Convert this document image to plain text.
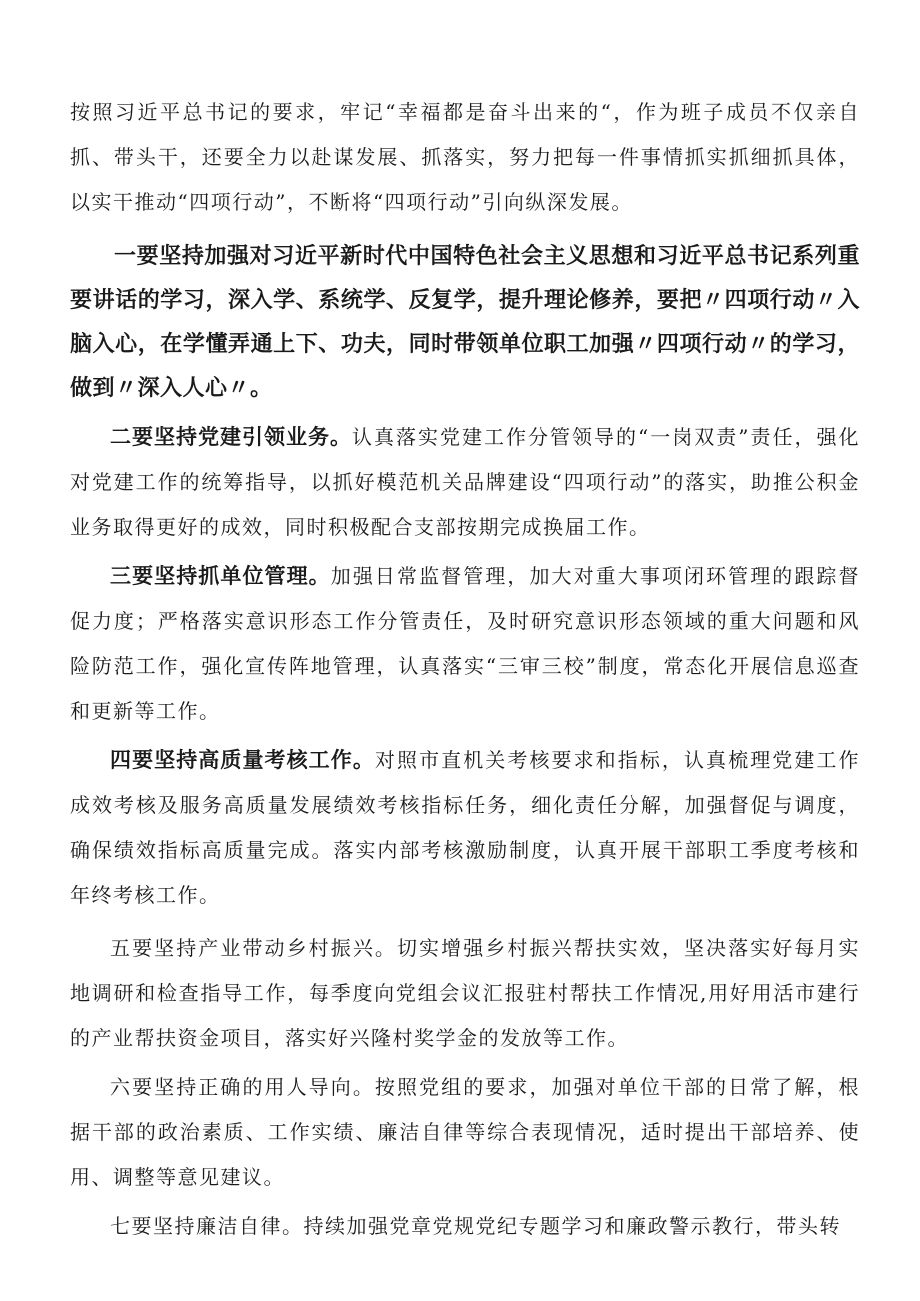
按照习近平总书记的要求，牢记“幸福都是奋斗出来的“，作为班子成员不仅亲自抓、带头干，还要全力以赴谋发展、抓落实，努力把每一件事情抓实抓细抓具体，以实干推动“四项行动”，不断将“四项行动”引向纵深发展。

一要坚持加强对习近平新时代中国特色社会主义思想和习近平总书记系列重要讲话的学习，深入学、系统学、反复学，提升理论修养，要把〃四项行动〃入脑入心，在学懂弄通上下、功夫，同时带领单位职工加强〃四项行动〃的学习，做到〃深入人心〃。

二要坚持党建引领业务。认真落实党建工作分管领导的“一岗双责”责任，强化对党建工作的统筹指导，以抓好模范机关品牌建设“四项行动”的落实，助推公积金业务取得更好的成效，同时积极配合支部按期完成换届工作。

三要坚持抓单位管理。加强日常监督管理，加大对重大事项闭环管理的跟踪督促力度；严格落实意识形态工作分管责任，及时研究意识形态领域的重大问题和风险防范工作，强化宣传阵地管理，认真落实“三审三校”制度，常态化开展信息巡查和更新等工作。

四要坚持高质量考核工作。对照市直机关考核要求和指标，认真梳理党建工作成效考核及服务高质量发展绩效考核指标任务，细化责任分解，加强督促与调度，确保绩效指标高质量完成。落实内部考核激励制度，认真开展干部职工季度考核和年终考核工作。

五要坚持产业带动乡村振兴。切实增强乡村振兴帮扶实效，坚决落实好每月实地调研和检查指导工作，每季度向党组会议汇报驻村帮扶工作情况,用好用活市建行的产业帮扶资金项目，落实好兴隆村奖学金的发放等工作。

六要坚持正确的用人导向。按照党组的要求，加强对单位干部的日常了解，根据干部的政治素质、工作实绩、廉洁自律等综合表现情况，适时提出干部培养、使用、调整等意见建议。

七要坚持廉洁自律。持续加强党章党规党纪专题学习和廉政警示教行，带头转
